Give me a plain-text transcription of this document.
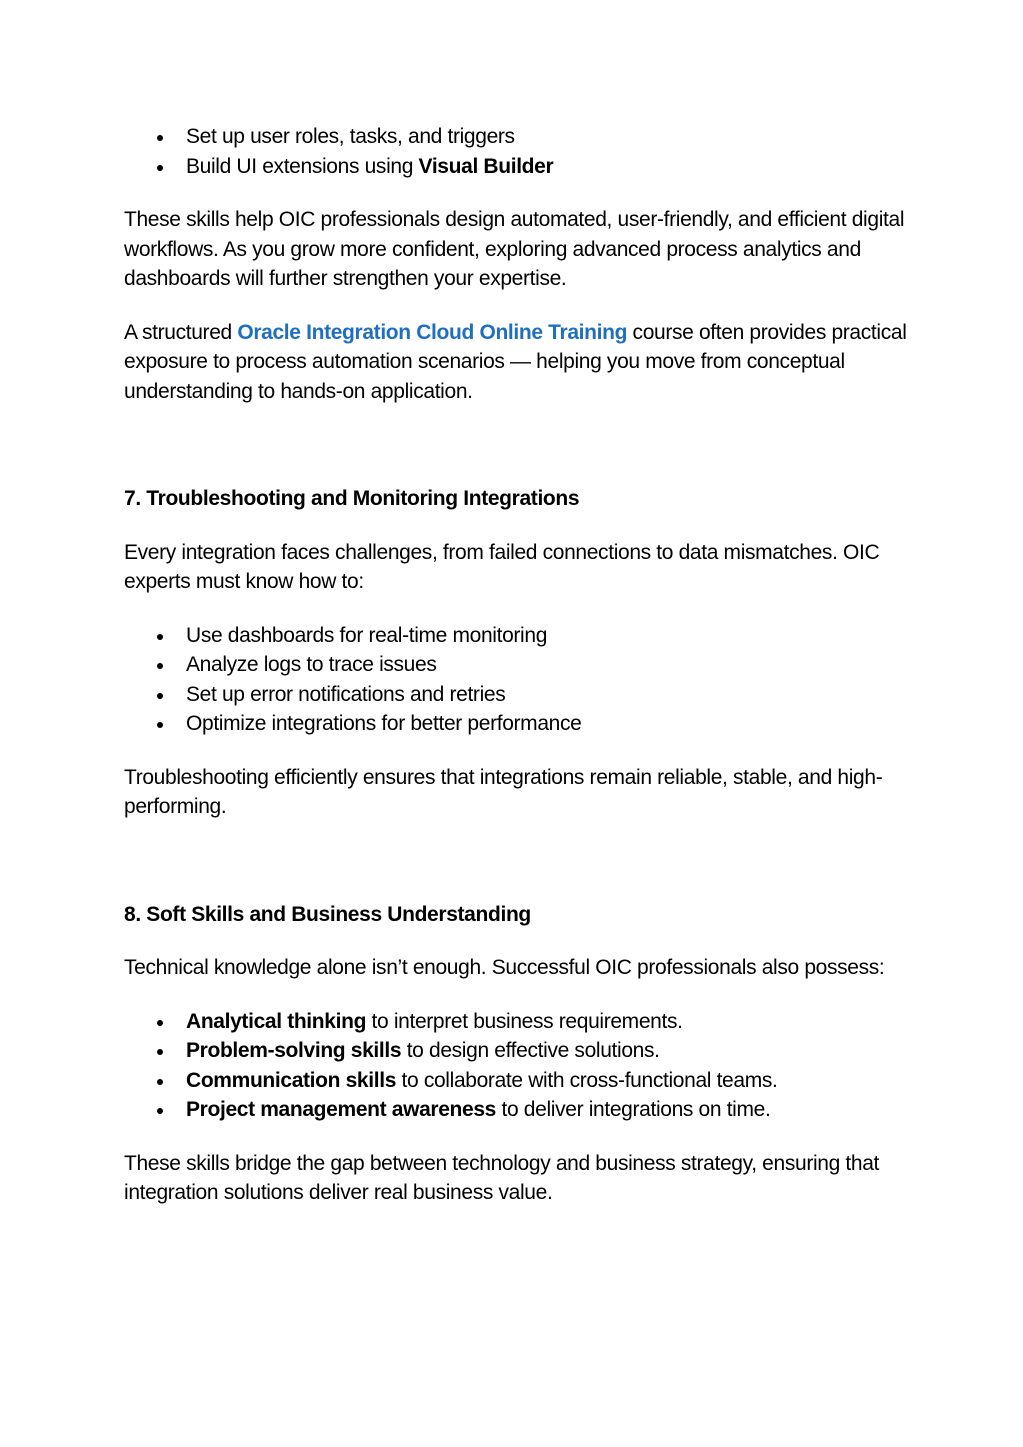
Set up user roles, tasks, and triggers
Build UI extensions using Visual Builder

These skills help OIC professionals design automated, user-friendly, and efficient digital workflows. As you grow more confident, exploring advanced process analytics and dashboards will further strengthen your expertise.

A structured Oracle Integration Cloud Online Training course often provides practical exposure to process automation scenarios — helping you move from conceptual understanding to hands-on application.

7. Troubleshooting and Monitoring Integrations

Every integration faces challenges, from failed connections to data mismatches. OIC experts must know how to:

Use dashboards for real-time monitoring
Analyze logs to trace issues
Set up error notifications and retries
Optimize integrations for better performance

Troubleshooting efficiently ensures that integrations remain reliable, stable, and high-performing.

8. Soft Skills and Business Understanding

Technical knowledge alone isn’t enough. Successful OIC professionals also possess:

Analytical thinking to interpret business requirements.
Problem-solving skills to design effective solutions.
Communication skills to collaborate with cross-functional teams.
Project management awareness to deliver integrations on time.

These skills bridge the gap between technology and business strategy, ensuring that integration solutions deliver real business value.
